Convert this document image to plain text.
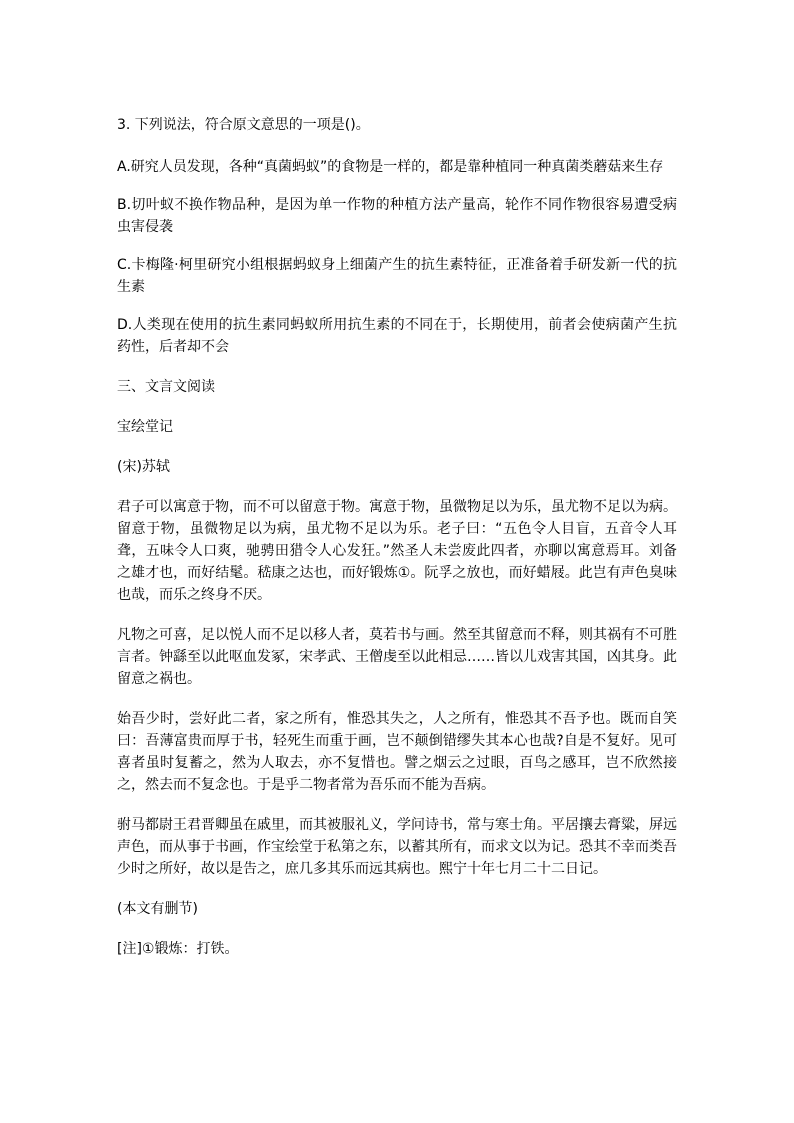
3. 下列说法，符合原文意思的一项是()。

A.研究人员发现，各种“真菌蚂蚁”的食物是一样的，都是靠种植同一种真菌类蘑菇来生存

B.切叶蚁不换作物品种，是因为单一作物的种植方法产量高，轮作不同作物很容易遭受病虫害侵袭

C.卡梅隆·柯里研究小组根据蚂蚁身上细菌产生的抗生素特征，正准备着手研发新一代的抗生素

D.人类现在使用的抗生素同蚂蚁所用抗生素的不同在于，长期使用，前者会使病菌产生抗药性，后者却不会

三、文言文阅读

宝绘堂记

(宋)苏轼

君子可以寓意于物，而不可以留意于物。寓意于物，虽微物足以为乐，虽尤物不足以为病。留意于物，虽微物足以为病，虽尤物不足以为乐。老子曰：“五色令人目盲，五音令人耳聋，五味令人口爽，驰骋田猎令人心发狂。”然圣人未尝废此四者，亦聊以寓意焉耳。刘备之雄才也，而好结髦。嵇康之达也，而好锻炼①。阮孚之放也，而好蜡屐。此岂有声色臭味也哉，而乐之终身不厌。

凡物之可喜，足以悦人而不足以移人者，莫若书与画。然至其留意而不释，则其祸有不可胜言者。钟繇至以此呕血发冢，宋孝武、王僧虔至以此相忌……皆以儿戏害其国，凶其身。此留意之祸也。

始吾少时，尝好此二者，家之所有，惟恐其失之，人之所有，惟恐其不吾予也。既而自笑曰：吾薄富贵而厚于书，轻死生而重于画，岂不颠倒错缪失其本心也哉?自是不复好。见可喜者虽时复蓄之，然为人取去，亦不复惜也。譬之烟云之过眼，百鸟之感耳，岂不欣然接之，然去而不复念也。于是乎二物者常为吾乐而不能为吾病。

驸马都尉王君晋卿虽在戚里，而其被服礼义，学问诗书，常与寒士角。平居攘去膏粱，屏远声色，而从事于书画，作宝绘堂于私第之东，以蓄其所有，而求文以为记。恐其不幸而类吾少时之所好，故以是告之，庶几多其乐而远其病也。熙宁十年七月二十二日记。

(本文有删节)

[注]①锻炼：打铁。
